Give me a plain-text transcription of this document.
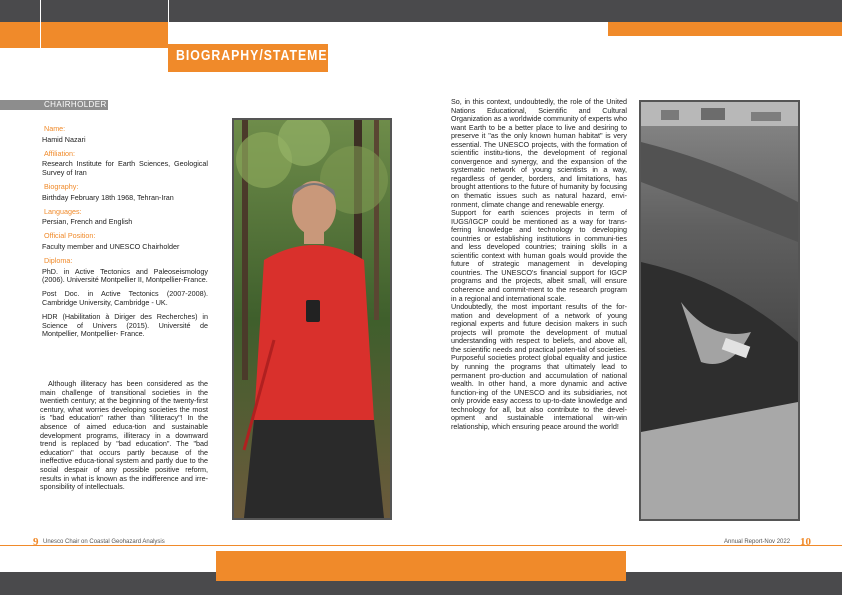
BIOGRAPHY/STATEMENT
CHAIRHOLDER
Name:
Hamid Nazari
Affiliation:
Research Institute for Earth Sciences, Geological Survey of Iran
Biography:
Birthday February 18th 1968, Tehran-Iran
Languages:
Persian, French and English
Official Position:
Faculty member and UNESCO Chairholder
Diploma:
PhD. in Active Tectonics and Paleoseismology (2006). Université Montpellier II, Montpellier-France.
Post Doc. in Active Tectonics (2007-2008). Cambridge University, Cambridge - UK.
HDR (Habilitation à Diriger des Recherches) in Science of Univers (2015). Université de Montpellier, Montpellier- France.

Although illiteracy has been considered as the main challenge of transitional societies in the twentieth century; at the beginning of the twenty-first century, what worries developing societies the most is "bad education" rather than "illiteracy"! In the absence of aimed educa-tion and sustainable development programs, illiteracy in a downward trend is replaced by "bad education". The "bad education" that occurs partly because of the ineffective educa-tional system and partly due to the social despair of any possible positive reform, results in what is known as the indifference and irre-sponsibility of intellectuals.

So, in this context, undoubtedly, the role of the United Nations Educational, Scientific and Cultural Organization as a worldwide community of experts who want Earth to be a better place to live and desiring to preserve it "as the only known human habitat" is very essential. The UNESCO projects, with the formation of scientific institu-tions, the development of regional convergence and synergy, and the expansion of the systematic network of young scientists in a way, regardless of gender, borders, and limitations, has brought attentions to the future of humanity by focusing on thematic issues such as natural hazard, envi-ronment, climate change and renewable energy.
Support for earth sciences projects in term of IUGS/IGCP could be mentioned as a way for trans-ferring knowledge and technology to developing countries or establishing institutions in communi-ties and less developed countries; training skills in a scientific context with human goals would provide the future of strategic management in developing countries. The UNESCO's financial support for IGCP programs and the projects, albeit small, will ensure coherence and commit-ment to the research program in a regional and international scale.
Undoubtedly, the most important results of the for-mation and development of a network of young regional experts and future decision makers in such projects will promote the development of mutual understanding with respect to beliefs, and above all, the scientific needs and practical poten-tial of societies. Purposeful societies protect global equality and justice by running the programs that ultimately lead to permanent pro-duction and accumulation of national wealth. In other hand, a more dynamic and active function-ing of the UNESCO and its subsidiaries, not only provide easy access to up-to-date knowledge and technology for all, but also contribute to the devel-opment and sustainable international win-win relationship, which ensuring peace around the world!
9 Unesco Chair on Coastal Geohazard Analysis	Annual Report-Nov 2022 10
